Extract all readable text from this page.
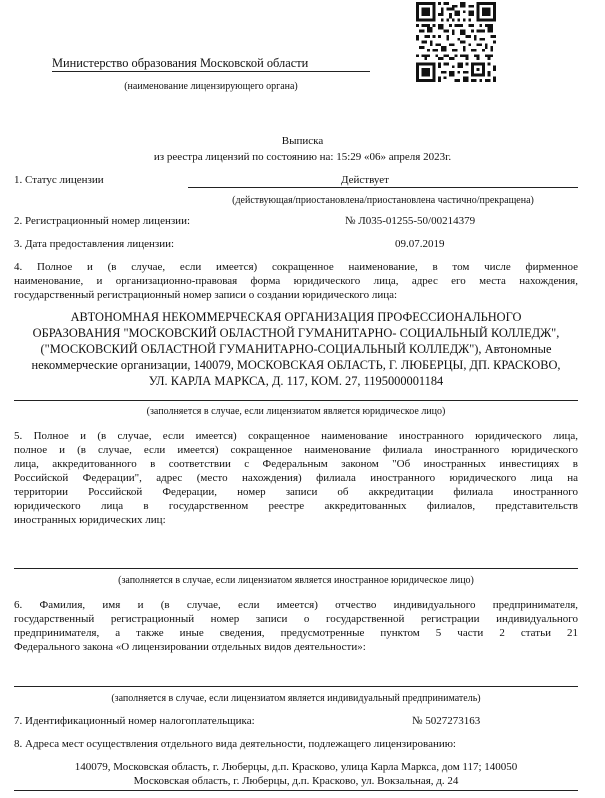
Министерство образования Московской области
(наименование лицензирующего органа)
Выписка
из реестра лицензий по состоянию на: 15:29 «06» апреля 2023г.
1. Статус лицензии	Действует
(действующая/приостановлена/приостановлена частично/прекращена)
2. Регистрационный номер лицензии:	№ Л035-01255-50/00214379
3. Дата предоставления лицензии:	09.07.2019
4. Полное и (в случае, если имеется) сокращенное наименование, в том числе фирменное
наименование, и организационно-правовая форма юридического лица, адрес его места нахождения,
государственный регистрационный номер записи о создании юридического лица:
АВТОНОМНАЯ НЕКОММЕРЧЕСКАЯ ОРГАНИЗАЦИЯ ПРОФЕССИОНАЛЬНОГО
ОБРАЗОВАНИЯ "МОСКОВСКИЙ ОБЛАСТНОЙ ГУМАНИТАРНО- СОЦИАЛЬНЫЙ КОЛЛЕДЖ",
("МОСКОВСКИЙ ОБЛАСТНОЙ ГУМАНИТАРНО-СОЦИАЛЬНЫЙ КОЛЛЕДЖ"), Автономные
некоммерческие организации, 140079, МОСКОВСКАЯ ОБЛАСТЬ, Г. ЛЮБЕРЦЫ, ДП. КРАСКОВО,
УЛ. КАРЛА МАРКСА, Д. 117, КОМ. 27, 1195000001184
(заполняется в случае, если лицензиатом является юридическое лицо)
5. Полное и (в случае, если имеется) сокращенное наименование иностранного юридического лица,
полное и (в случае, если имеется) сокращенное наименование филиала иностранного юридического
лица, аккредитованного в соответствии с Федеральным законом "Об иностранных инвестициях в
Российской Федерации", адрес (место нахождения) филиала иностранного юридического лица на
территории Российской Федерации, номер записи об аккредитации филиала иностранного
юридического лица в государственном реестре аккредитованных филиалов, представительств
иностранных юридических лиц:
(заполняется в случае, если лицензиатом является иностранное юридическое лицо)
6. Фамилия, имя и (в случае, если имеется) отчество индивидуального предпринимателя,
государственный регистрационный номер записи о государственной регистрации индивидуального
предпринимателя, а также иные сведения, предусмотренные пунктом 5 части 2 статьи 21
Федерального закона «О лицензировании отдельных видов деятельности»:
(заполняется в случае, если лицензиатом является индивидуальный предприниматель)
7. Идентификационный номер налогоплательщика:	№ 5027273163
8. Адреса мест осуществления отдельного вида деятельности, подлежащего лицензированию:
140079, Московская область, г. Люберцы, д.п. Красково, улица Карла Маркса, дом 117; 140050
Московская область, г. Люберцы, д.п. Красково, ул. Вокзальная, д. 24
